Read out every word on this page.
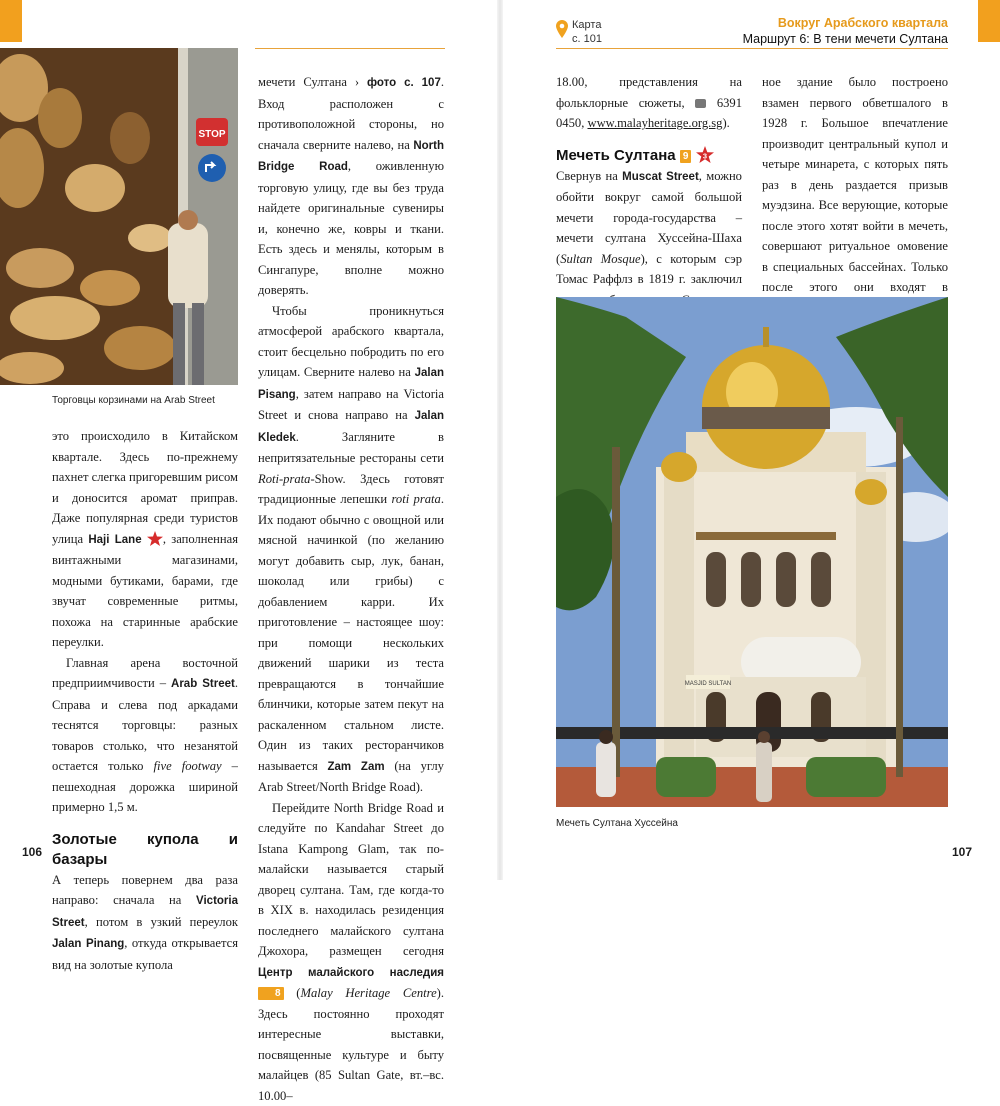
STOP
Торговцы корзинами на Arab Street
Карта
с. 101
Вокруг Арабского квартала
Маршрут 6: В тени мечети Султана

это происходило в Китайском квартале. Здесь по-прежнему пахнет слегка пригоревшим рисом и доносится аромат приправ. Даже популярная среди туристов улица Haji Lane , заполненная винтажными магазинами, модными бутиками, барами, где звучат современные ритмы, похожа на старинные арабские переулки.

Главная арена восточной предприимчивости – Arab Street. Справа и слева под аркадами теснятся торговцы: разных товаров столько, что незанятой остается только five footway – пешеходная дорожка шириной примерно 1,5 м.

Золотые купола и базары

А теперь повернем два раза направо: сначала на Victoria Street, потом в узкий переулок Jalan Pinang, откуда открывается вид на золотые купола

мечети Султана › фото с. 107. Вход расположен с противоположной стороны, но сначала сверните налево, на North Bridge Road, оживленную торговую улицу, где вы без труда найдете оригинальные сувениры и, конечно же, ковры и ткани. Есть здесь и менялы, которым в Сингапуре, вполне можно доверять.

Чтобы проникнуться атмосферой арабского квартала, стоит бесцельно побродить по его улицам. Сверните налево на Jalan Pisang, затем направо на Victoria Street и снова направо на Jalan Kledek. Загляните в непритязательные рестораны сети Roti-prata-Show. Здесь готовят традиционные лепешки roti prata. Их подают обычно с овощной или мясной начинкой (по желанию могут добавить сыр, лук, банан, шоколад или грибы) с добавлением карри. Их приготовление – настоящее шоу: при помощи нескольких движений шарики из теста превращаются в тончайшие блинчики, которые затем пекут на раскаленном стальном листе. Один из таких ресторанчиков называется Zam Zam (на углу Arab Street/North Bridge Road).

Перейдите North Bridge Road и следуйте по Kandahar Street до Istana Kampong Glam, так по-малайски называется старый дворец султана. Там, где когда-то в XIX в. находилась резиденция последнего малайского султана Джохора, размещен сегодня Центр малайского наследия 8 (Malay Heritage Centre). Здесь постоянно проходят интересные выставки, посвященные культуре и быту малайцев (85 Sultan Gate, вт.–вс. 10.00–

18.00, представления на фольклорные сюжеты,  6391 0450, www.malayheritage.org.sg).

Мечеть Султана 9 3

Свернув на Muscat Street, можно обойти вокруг самой большой мечети города-государства – мечети султана Хуссейна-Шаха (Sultan Mosque), с которым сэр Томас Раффлз в 1819 г. заключил

ное здание было построено взамен первого обветшалого в 1928 г. Большое впечатление производит центральный купол и четыре минарета, с которых пять раз в день раздается призыв муэдзина. Все верующие, которые после этого хотят войти в мечеть, совершают ритуальное омовение в специальных бассейнах. Только после этого они входят в

MASJID SULTAN
Мечеть Султана Хуссейна
106	107
